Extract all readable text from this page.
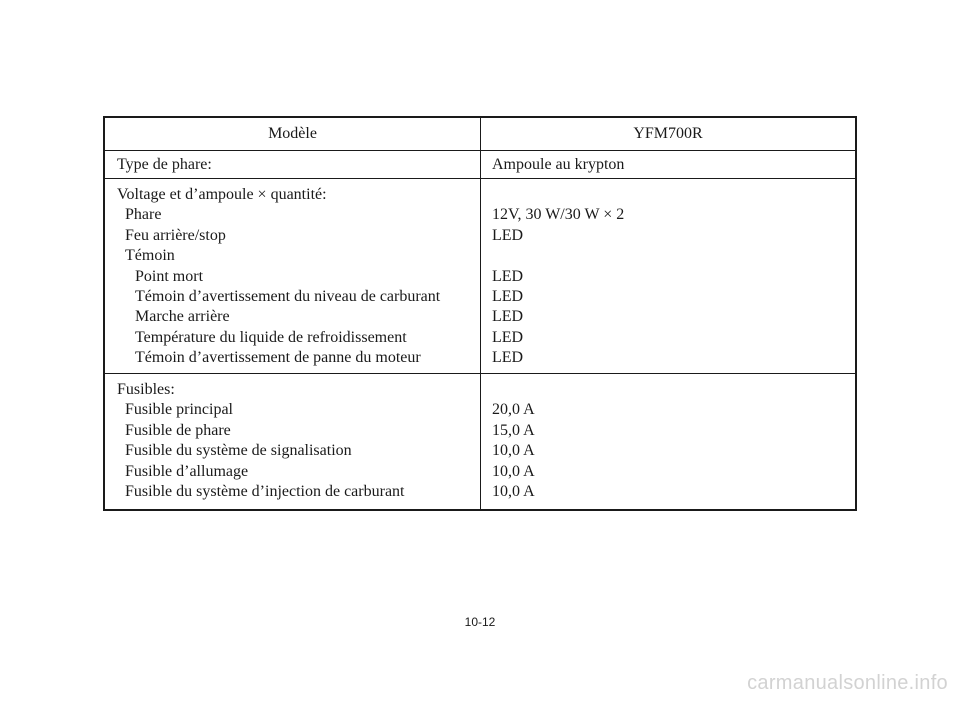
Modèle	YFM700R
Type de phare:	Ampoule au krypton
Voltage et d’ampoule × quantité:
Phare
Feu arrière/stop
Témoin
Point mort
Témoin d’avertissement du niveau de carburant
Marche arrière
Température du liquide de refroidissement
Témoin d’avertissement de panne du moteur
12V, 30 W/30 W × 2
LED
LED
LED
LED
LED
LED
Fusibles:
Fusible principal
Fusible de phare
Fusible du système de signalisation
Fusible d’allumage
Fusible du système d’injection de carburant
20,0 A
15,0 A
10,0 A
10,0 A
10,0 A
10-12
carmanualsonline.info
